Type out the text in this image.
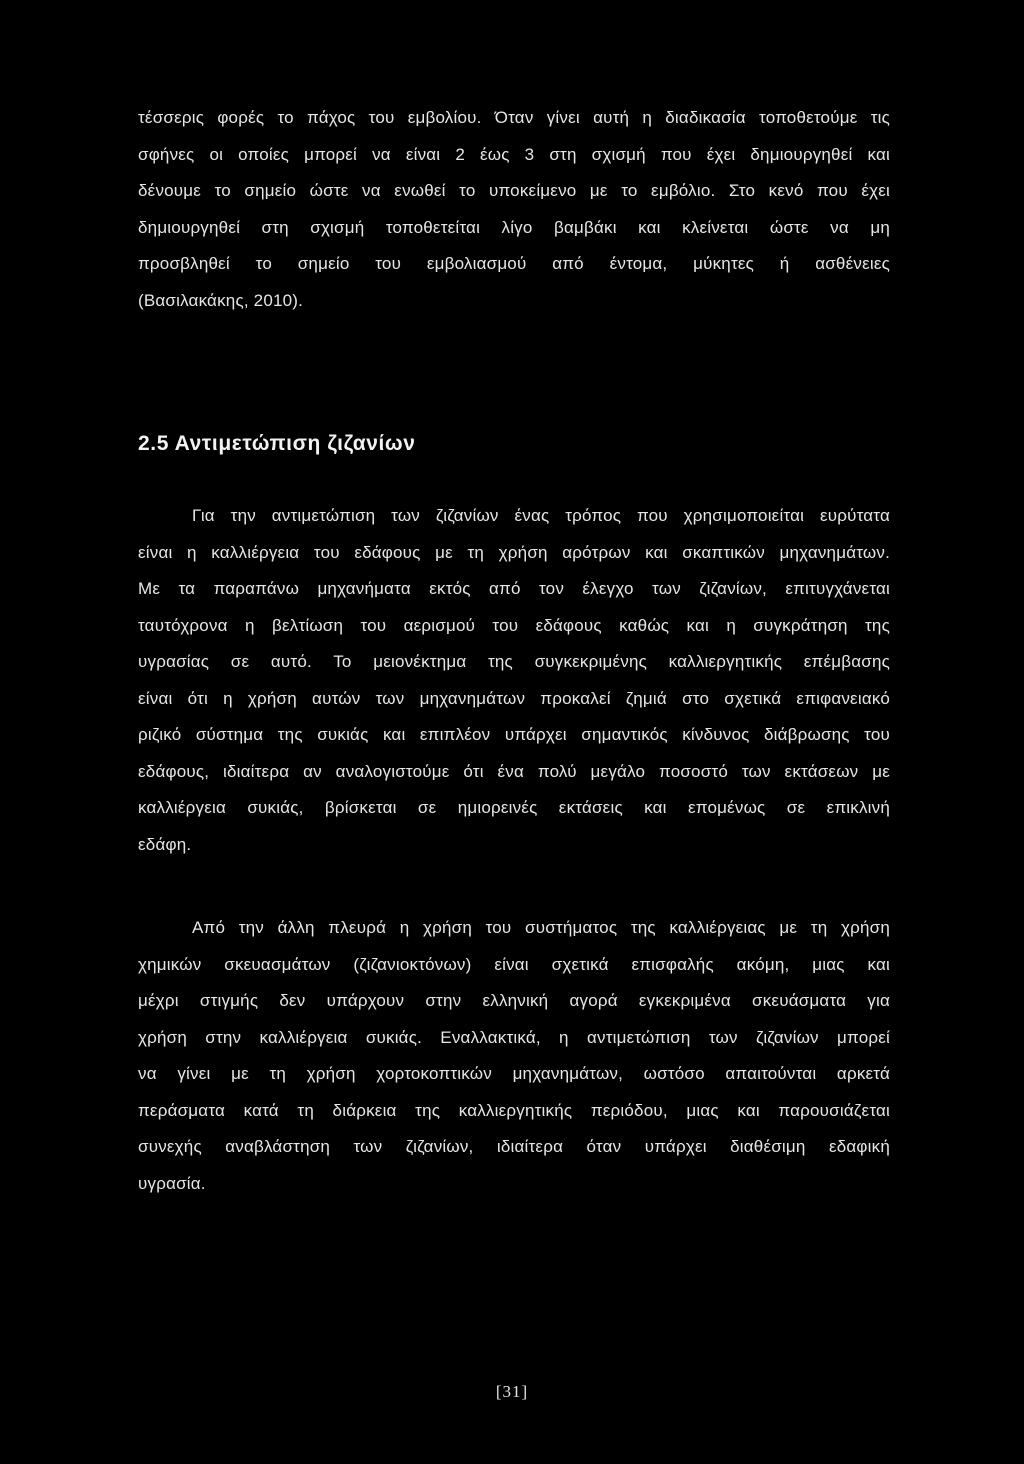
τέσσερις φορές το πάχος του εμβολίου. Όταν γίνει αυτή η διαδικασία τοποθετούμε τις
σφήνες οι οποίες μπορεί να είναι 2 έως 3 στη σχισμή που έχει δημιουργηθεί και
δένουμε το σημείο ώστε να ενωθεί το υποκείμενο με το εμβόλιο. Στο κενό που έχει
δημιουργηθεί στη σχισμή τοποθετείται λίγο βαμβάκι και κλείνεται ώστε να μη
προσβληθεί το σημείο του εμβολιασμού από έντομα, μύκητες ή ασθένειες
(Βασιλακάκης, 2010).
2.5 Αντιμετώπιση ζιζανίων
Για την αντιμετώπιση των ζιζανίων ένας τρόπος που χρησιμοποιείται ευρύτατα
είναι η καλλιέργεια του εδάφους με τη χρήση αρότρων και σκαπτικών μηχανημάτων.
Με τα παραπάνω μηχανήματα εκτός από τον έλεγχο των ζιζανίων, επιτυγχάνεται
ταυτόχρονα η βελτίωση του αερισμού του εδάφους καθώς και η συγκράτηση της
υγρασίας σε αυτό. Το μειονέκτημα της συγκεκριμένης καλλιεργητικής επέμβασης
είναι ότι η χρήση αυτών των μηχανημάτων προκαλεί ζημιά στο σχετικά επιφανειακό
ριζικό σύστημα της συκιάς και επιπλέον υπάρχει σημαντικός κίνδυνος διάβρωσης του
εδάφους, ιδιαίτερα αν αναλογιστούμε ότι ένα πολύ μεγάλο ποσοστό των εκτάσεων με
καλλιέργεια συκιάς, βρίσκεται σε ημιορεινές εκτάσεις και επομένως σε επικλινή
εδάφη.
Από την άλλη πλευρά η χρήση του συστήματος της καλλιέργειας με τη χρήση
χημικών σκευασμάτων (ζιζανιοκτόνων) είναι σχετικά επισφαλής ακόμη, μιας και
μέχρι στιγμής δεν υπάρχουν στην ελληνική αγορά εγκεκριμένα σκευάσματα για
χρήση στην καλλιέργεια συκιάς. Εναλλακτικά, η αντιμετώπιση των ζιζανίων μπορεί
να γίνει με τη χρήση χορτοκοπτικών μηχανημάτων, ωστόσο απαιτούνται αρκετά
περάσματα κατά τη διάρκεια της καλλιεργητικής περιόδου, μιας και παρουσιάζεται
συνεχής αναβλάστηση των ζιζανίων, ιδιαίτερα όταν υπάρχει διαθέσιμη εδαφική
υγρασία.
[31]
